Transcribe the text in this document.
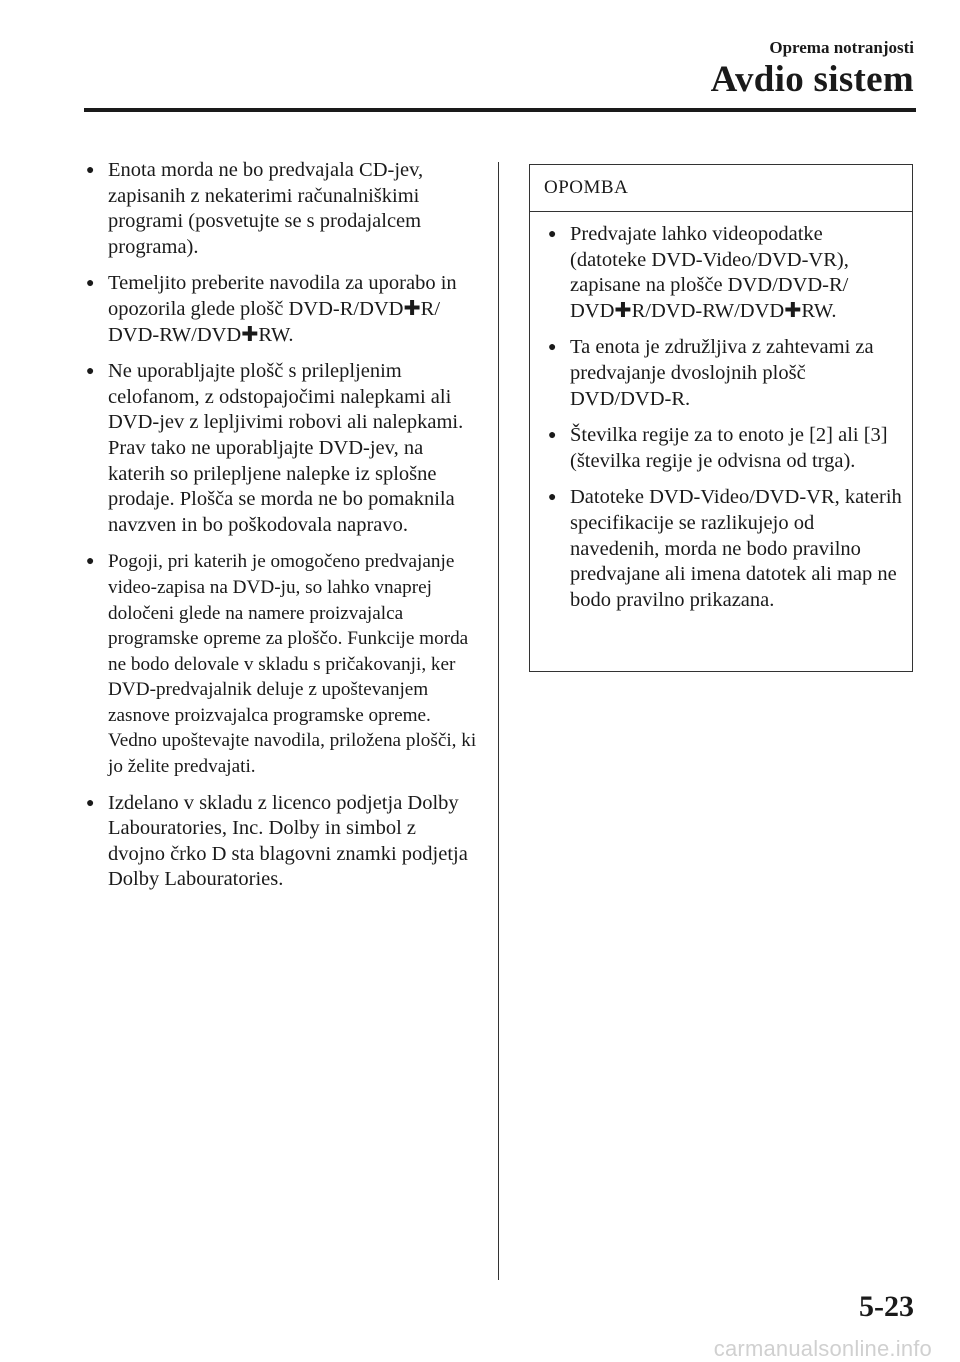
Oprema notranjosti
Avdio sistem
● Enota morda ne bo predvajala CD-jev, zapisanih z nekaterimi računalniškimi programi (posvetujte se s prodajalcem programa).
● Temeljito preberite navodila za uporabo in opozorila glede plošč DVD-R/DVD✚R/ DVD-RW/DVD✚RW.
● Ne uporabljajte plošč s prilepljenim celofanom, z odstopajočimi nalepkami ali DVD-jev z lepljivimi robovi ali nalepkami. Prav tako ne uporabljajte DVD-jev, na katerih so prilepljene nalepke iz splošne prodaje. Plošča se morda ne bo pomaknila navzven in bo poškodovala napravo.
● Pogoji, pri katerih je omogočeno predvajanje video-zapisa na DVD-ju, so lahko vnaprej določeni glede na namere proizvajalca programske opreme za ploščo. Funkcije morda ne bodo delovale v skladu s pričakovanji, ker DVD-predvajalnik deluje z upoštevanjem zasnove proizvajalca programske opreme. Vedno upoštevajte navodila, priložena plošči, ki jo želite predvajati.
● Izdelano v skladu z licenco podjetja Dolby Labouratories, Inc. Dolby in simbol z dvojno črko D sta blagovni znamki podjetja Dolby Labouratories.
OPOMBA
● Predvajate lahko videopodatke (datoteke DVD-Video/DVD-VR), zapisane na plošče DVD/DVD-R/ DVD✚R/DVD-RW/DVD✚RW.
● Ta enota je združljiva z zahtevami za predvajanje dvoslojnih plošč DVD/DVD-R.
● Številka regije za to enoto je [2] ali [3] (številka regije je odvisna od trga).
● Datoteke DVD-Video/DVD-VR, katerih specifikacije se razlikujejo od navedenih, morda ne bodo pravilno predvajane ali imena datotek ali map ne bodo pravilno prikazana.
5-23
carmanualsonline.info
